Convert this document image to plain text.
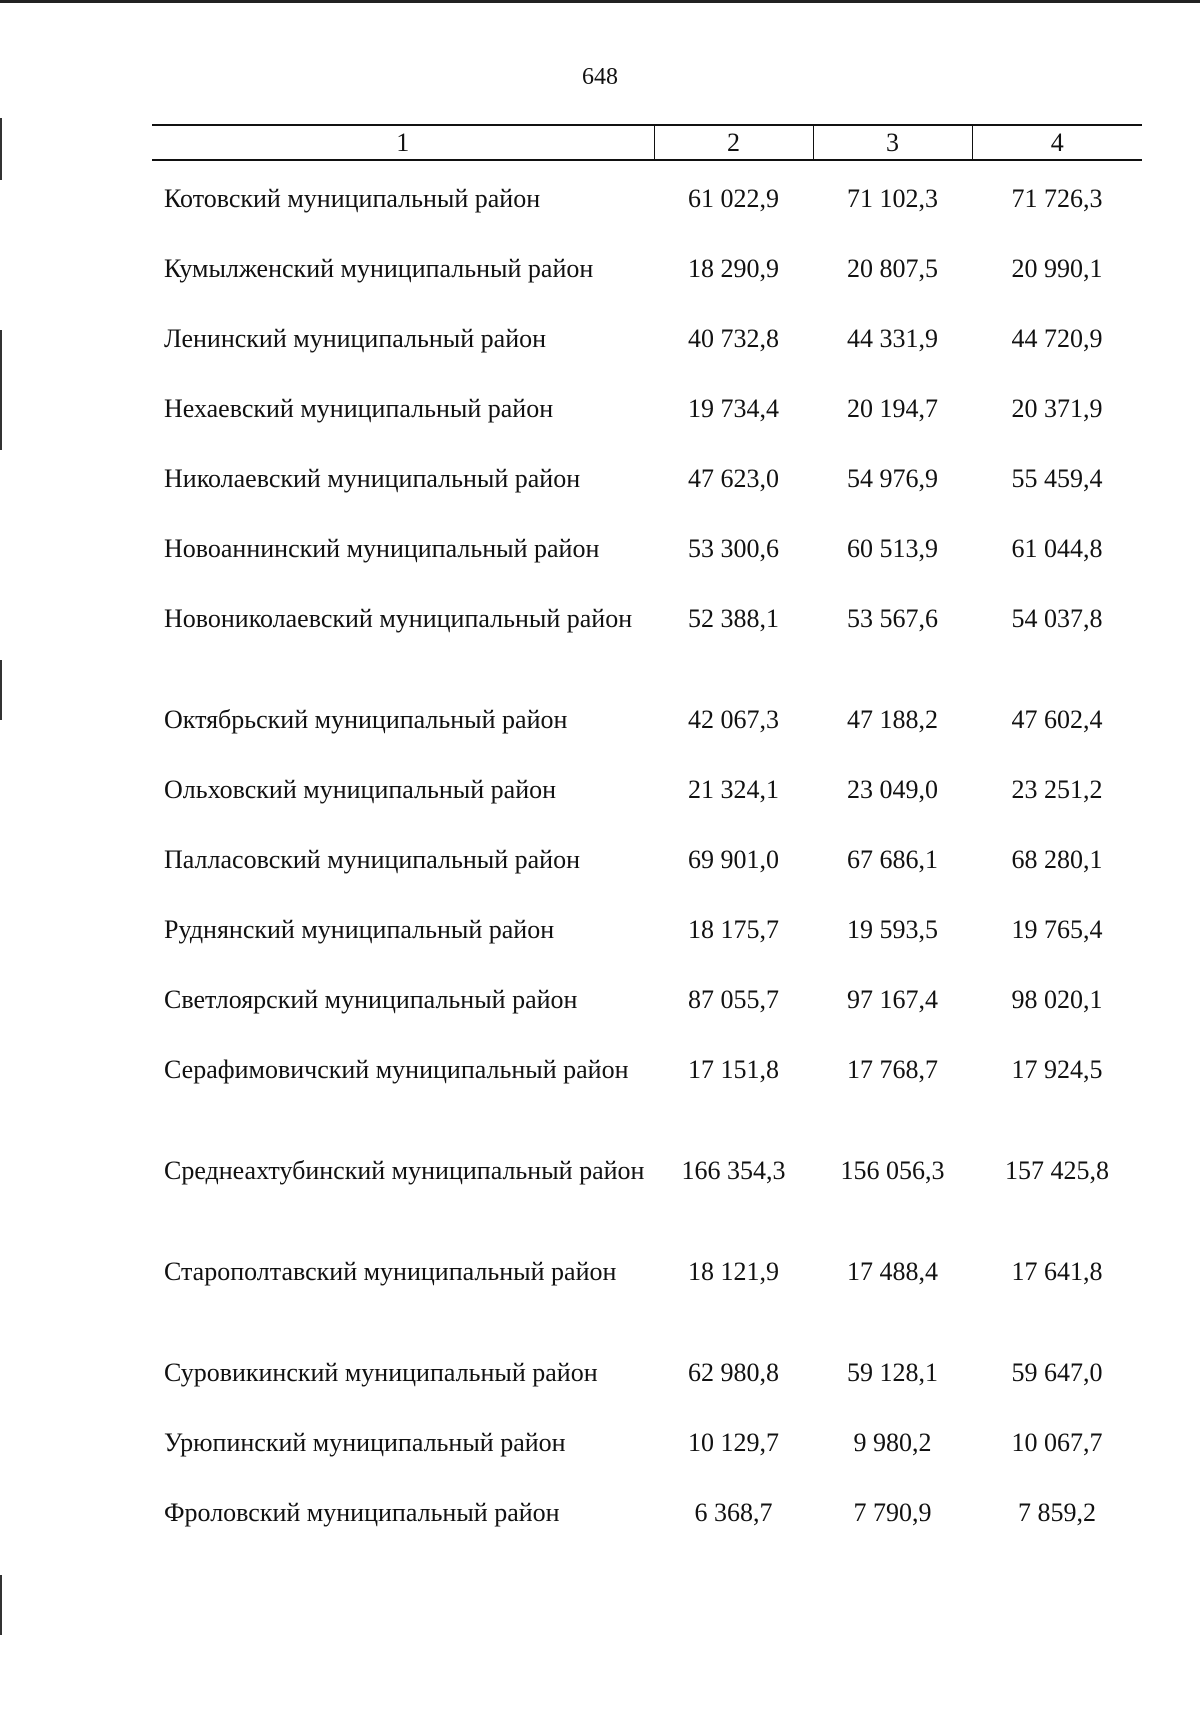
648
1	2	3	4
Котовский муниципальный район	61 022,9	71 102,3	71 726,3
Кумылженский муниципальный район	18 290,9	20 807,5	20 990,1
Ленинский муниципальный район	40 732,8	44 331,9	44 720,9
Нехаевский муниципальный район	19 734,4	20 194,7	20 371,9
Николаевский муниципальный район	47 623,0	54 976,9	55 459,4
Новоаннинский муниципальный район	53 300,6	60 513,9	61 044,8
Новониколаевский муниципальный район	52 388,1	53 567,6	54 037,8
Октябрьский муниципальный район	42 067,3	47 188,2	47 602,4
Ольховский муниципальный район	21 324,1	23 049,0	23 251,2
Палласовский муниципальный район	69 901,0	67 686,1	68 280,1
Руднянский муниципальный район	18 175,7	19 593,5	19 765,4
Светлоярский муниципальный район	87 055,7	97 167,4	98 020,1
Серафимовичский муниципальный район	17 151,8	17 768,7	17 924,5
Среднеахтубинский муниципальный район	166 354,3	156 056,3	157 425,8
Старополтавский муниципальный район	18 121,9	17 488,4	17 641,8
Суровикинский муниципальный район	62 980,8	59 128,1	59 647,0
Урюпинский муниципальный район	10 129,7	9 980,2	10 067,7
Фроловский муниципальный район	6 368,7	7 790,9	7 859,2
